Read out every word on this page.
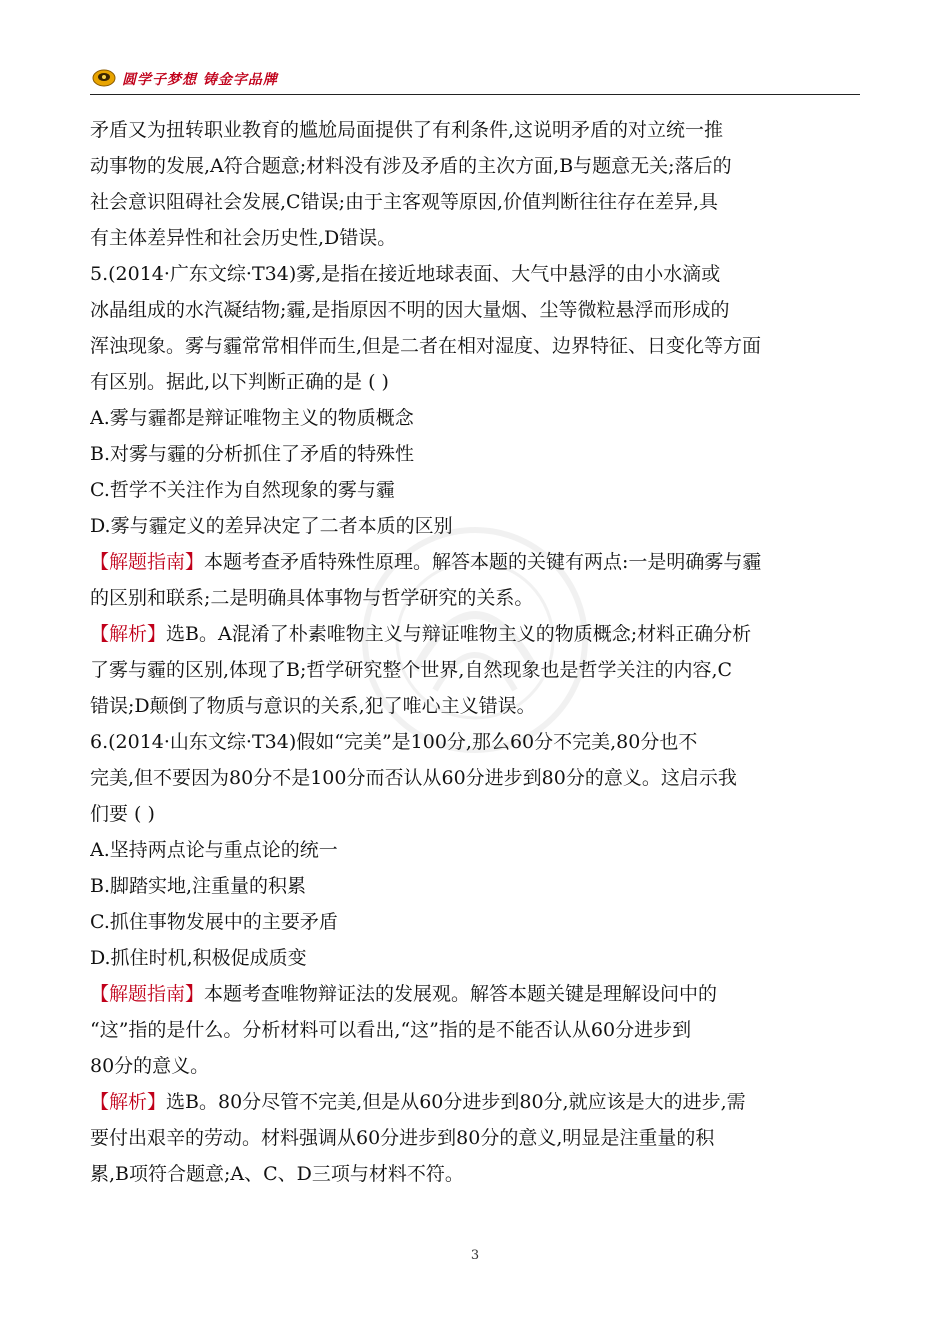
圆学子梦想 铸金字品牌
矛盾又为扭转职业教育的尴尬局面提供了有利条件,这说明矛盾的对立统一推
动事物的发展,A符合题意;材料没有涉及矛盾的主次方面,B与题意无关;落后的
社会意识阻碍社会发展,C错误;由于主客观等原因,价值判断往往存在差异,具
有主体差异性和社会历史性,D错误。
5.(2014·广东文综·T34)雾,是指在接近地球表面、大气中悬浮的由小水滴或
冰晶组成的水汽凝结物;霾,是指原因不明的因大量烟、尘等微粒悬浮而形成的
浑浊现象。雾与霾常常相伴而生,但是二者在相对湿度、边界特征、日变化等方面
有区别。据此,以下判断正确的是 ( )
A.雾与霾都是辩证唯物主义的物质概念
B.对雾与霾的分析抓住了矛盾的特殊性
C.哲学不关注作为自然现象的雾与霾
D.雾与霾定义的差异决定了二者本质的区别
【解题指南】本题考查矛盾特殊性原理。解答本题的关键有两点:一是明确雾与霾
的区别和联系;二是明确具体事物与哲学研究的关系。
【解析】选B。A混淆了朴素唯物主义与辩证唯物主义的物质概念;材料正确分析
了雾与霾的区别,体现了B;哲学研究整个世界,自然现象也是哲学关注的内容,C
错误;D颠倒了物质与意识的关系,犯了唯心主义错误。
6.(2014·山东文综·T34)假如“完美”是100分,那么60分不完美,80分也不
完美,但不要因为80分不是100分而否认从60分进步到80分的意义。这启示我
们要 ( )
A.坚持两点论与重点论的统一
B.脚踏实地,注重量的积累
C.抓住事物发展中的主要矛盾
D.抓住时机,积极促成质变
【解题指南】本题考查唯物辩证法的发展观。解答本题关键是理解设问中的
“这”指的是什么。分析材料可以看出,“这”指的是不能否认从60分进步到
80分的意义。
【解析】选B。80分尽管不完美,但是从60分进步到80分,就应该是大的进步,需
要付出艰辛的劳动。材料强调从60分进步到80分的意义,明显是注重量的积
累,B项符合题意;A、C、D三项与材料不符。
3
